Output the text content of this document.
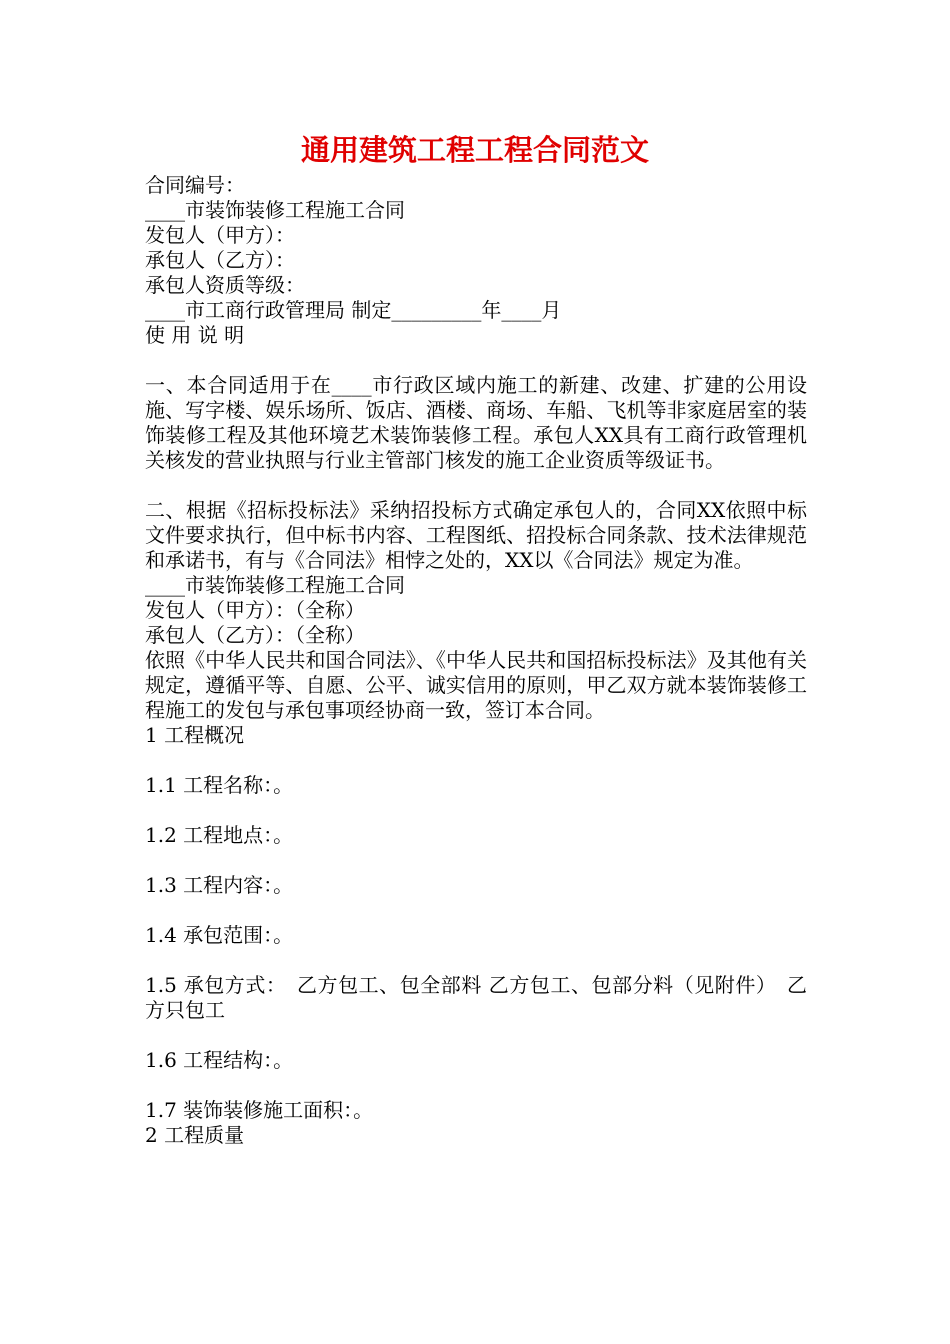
通用建筑工程工程合同范文
合同编号：
____市装饰装修工程施工合同
发包人（甲方）：
承包人（乙方）：
承包人资质等级：
____市工商行政管理局 制定_________年____月
使 用 说 明

一、本合同适用于在____市行政区域内施工的新建、改建、扩建的公用设施、写字楼、娱乐场所、饭店、酒楼、商场、车船、飞机等非家庭居室的装饰装修工程及其他环境艺术装饰装修工程。承包人XX具有工商行政管理机关核发的营业执照与行业主管部门核发的施工企业资质等级证书。

二、根据《招标投标法》采纳招投标方式确定承包人的，合同XX依照中标文件要求执行，但中标书内容、工程图纸、招投标合同条款、技术法律规范和承诺书，有与《合同法》相悖之处的，XX以《合同法》规定为准。

____市装饰装修工程施工合同
发包人（甲方）：（全称）
承包人（乙方）：（全称）

依照《中华人民共和国合同法》、《中华人民共和国招标投标法》及其他有关规定，遵循平等、自愿、公平、诚实信用的原则，甲乙双方就本装饰装修工程施工的发包与承包事项经协商一致，签订本合同。

1 工程概况
1.1 工程名称：。
1.2 工程地点：。
1.3 工程内容：。
1.4 承包范围：。

1.5 承包方式：　乙方包工、包全部料 乙方包工、包部分料（见附件）　乙方只包工

1.6 工程结构：。
1.7 装饰装修施工面积：。
2 工程质量
